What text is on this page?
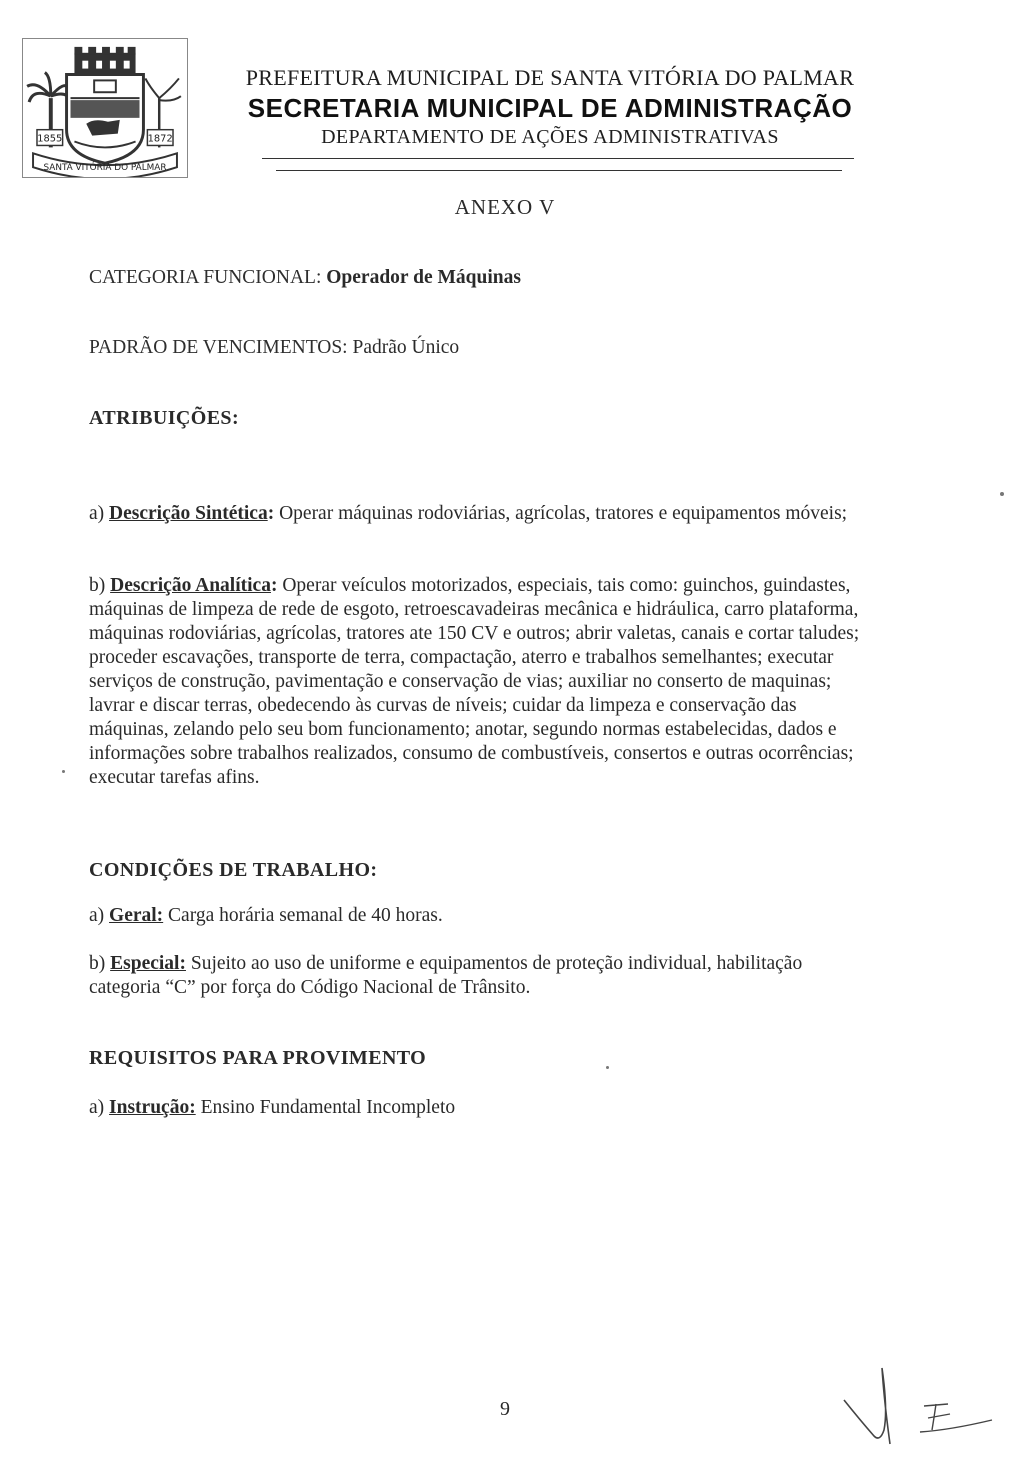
1855	1872
SANTA VITÓRIA DO PALMAR
PREFEITURA MUNICIPAL DE SANTA VITÓRIA DO PALMAR
SECRETARIA MUNICIPAL DE ADMINISTRAÇÃO
DEPARTAMENTO DE AÇÕES ADMINISTRATIVAS
ANEXO V
CATEGORIA FUNCIONAL: Operador de Máquinas
PADRÃO DE VENCIMENTOS: Padrão Único
ATRIBUIÇÕES:
a) Descrição Sintética: Operar máquinas rodoviárias, agrícolas, tratores e equipamentos móveis;
b) Descrição Analítica: Operar veículos motorizados, especiais, tais como: guinchos, guindastes,
máquinas de limpeza de rede de esgoto, retroescavadeiras mecânica e hidráulica, carro plataforma,
máquinas rodoviárias, agrícolas, tratores ate 150 CV e outros; abrir valetas, canais e cortar taludes;
proceder escavações, transporte de terra, compactação, aterro e trabalhos semelhantes; executar
serviços de construção, pavimentação e conservação de vias; auxiliar no conserto de maquinas;
lavrar e discar terras, obedecendo às curvas de níveis; cuidar da limpeza e conservação das
máquinas, zelando pelo seu bom funcionamento; anotar, segundo normas estabelecidas, dados e
informações sobre trabalhos realizados, consumo de combustíveis, consertos e outras ocorrências;
executar tarefas afins.
CONDIÇÕES DE TRABALHO:
a) Geral: Carga horária semanal de 40 horas.
b) Especial: Sujeito ao uso de uniforme e equipamentos de proteção individual, habilitação
categoria “C” por força do Código Nacional de Trânsito.
REQUISITOS PARA PROVIMENTO
a) Instrução: Ensino Fundamental Incompleto
9
